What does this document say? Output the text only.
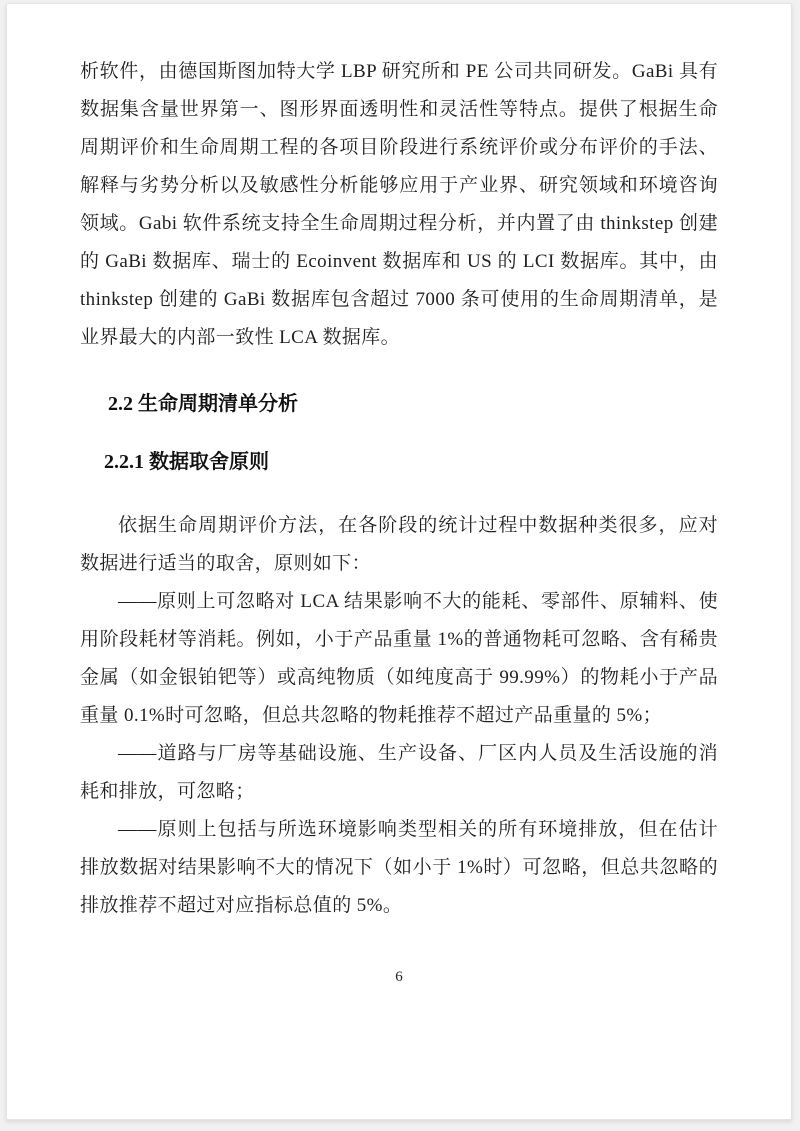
析软件，由德国斯图加特大学 LBP 研究所和 PE 公司共同研发。GaBi 具有数据集含量世界第一、图形界面透明性和灵活性等特点。提供了根据生命周期评价和生命周期工程的各项目阶段进行系统评价或分布评价的手法、解释与劣势分析以及敏感性分析能够应用于产业界、研究领域和环境咨询领域。Gabi 软件系统支持全生命周期过程分析，并内置了由 thinkstep 创建的 GaBi 数据库、瑞士的 Ecoinvent 数据库和 US 的 LCI 数据库。其中，由 thinkstep 创建的 GaBi 数据库包含超过 7000 条可使用的生命周期清单，是业界最大的内部一致性 LCA 数据库。

2.2 生命周期清单分析
2.2.1 数据取舍原则

依据生命周期评价方法，在各阶段的统计过程中数据种类很多，应对数据进行适当的取舍，原则如下：

——原则上可忽略对 LCA 结果影响不大的能耗、零部件、原辅料、使用阶段耗材等消耗。例如，小于产品重量 1%的普通物耗可忽略、含有稀贵金属（如金银铂钯等）或高纯物质（如纯度高于 99.99%）的物耗小于产品重量 0.1%时可忽略，但总共忽略的物耗推荐不超过产品重量的 5%；

——道路与厂房等基础设施、生产设备、厂区内人员及生活设施的消耗和排放，可忽略；

——原则上包括与所选环境影响类型相关的所有环境排放，但在估计排放数据对结果影响不大的情况下（如小于 1%时）可忽略，但总共忽略的排放推荐不超过对应指标总值的 5%。

6
